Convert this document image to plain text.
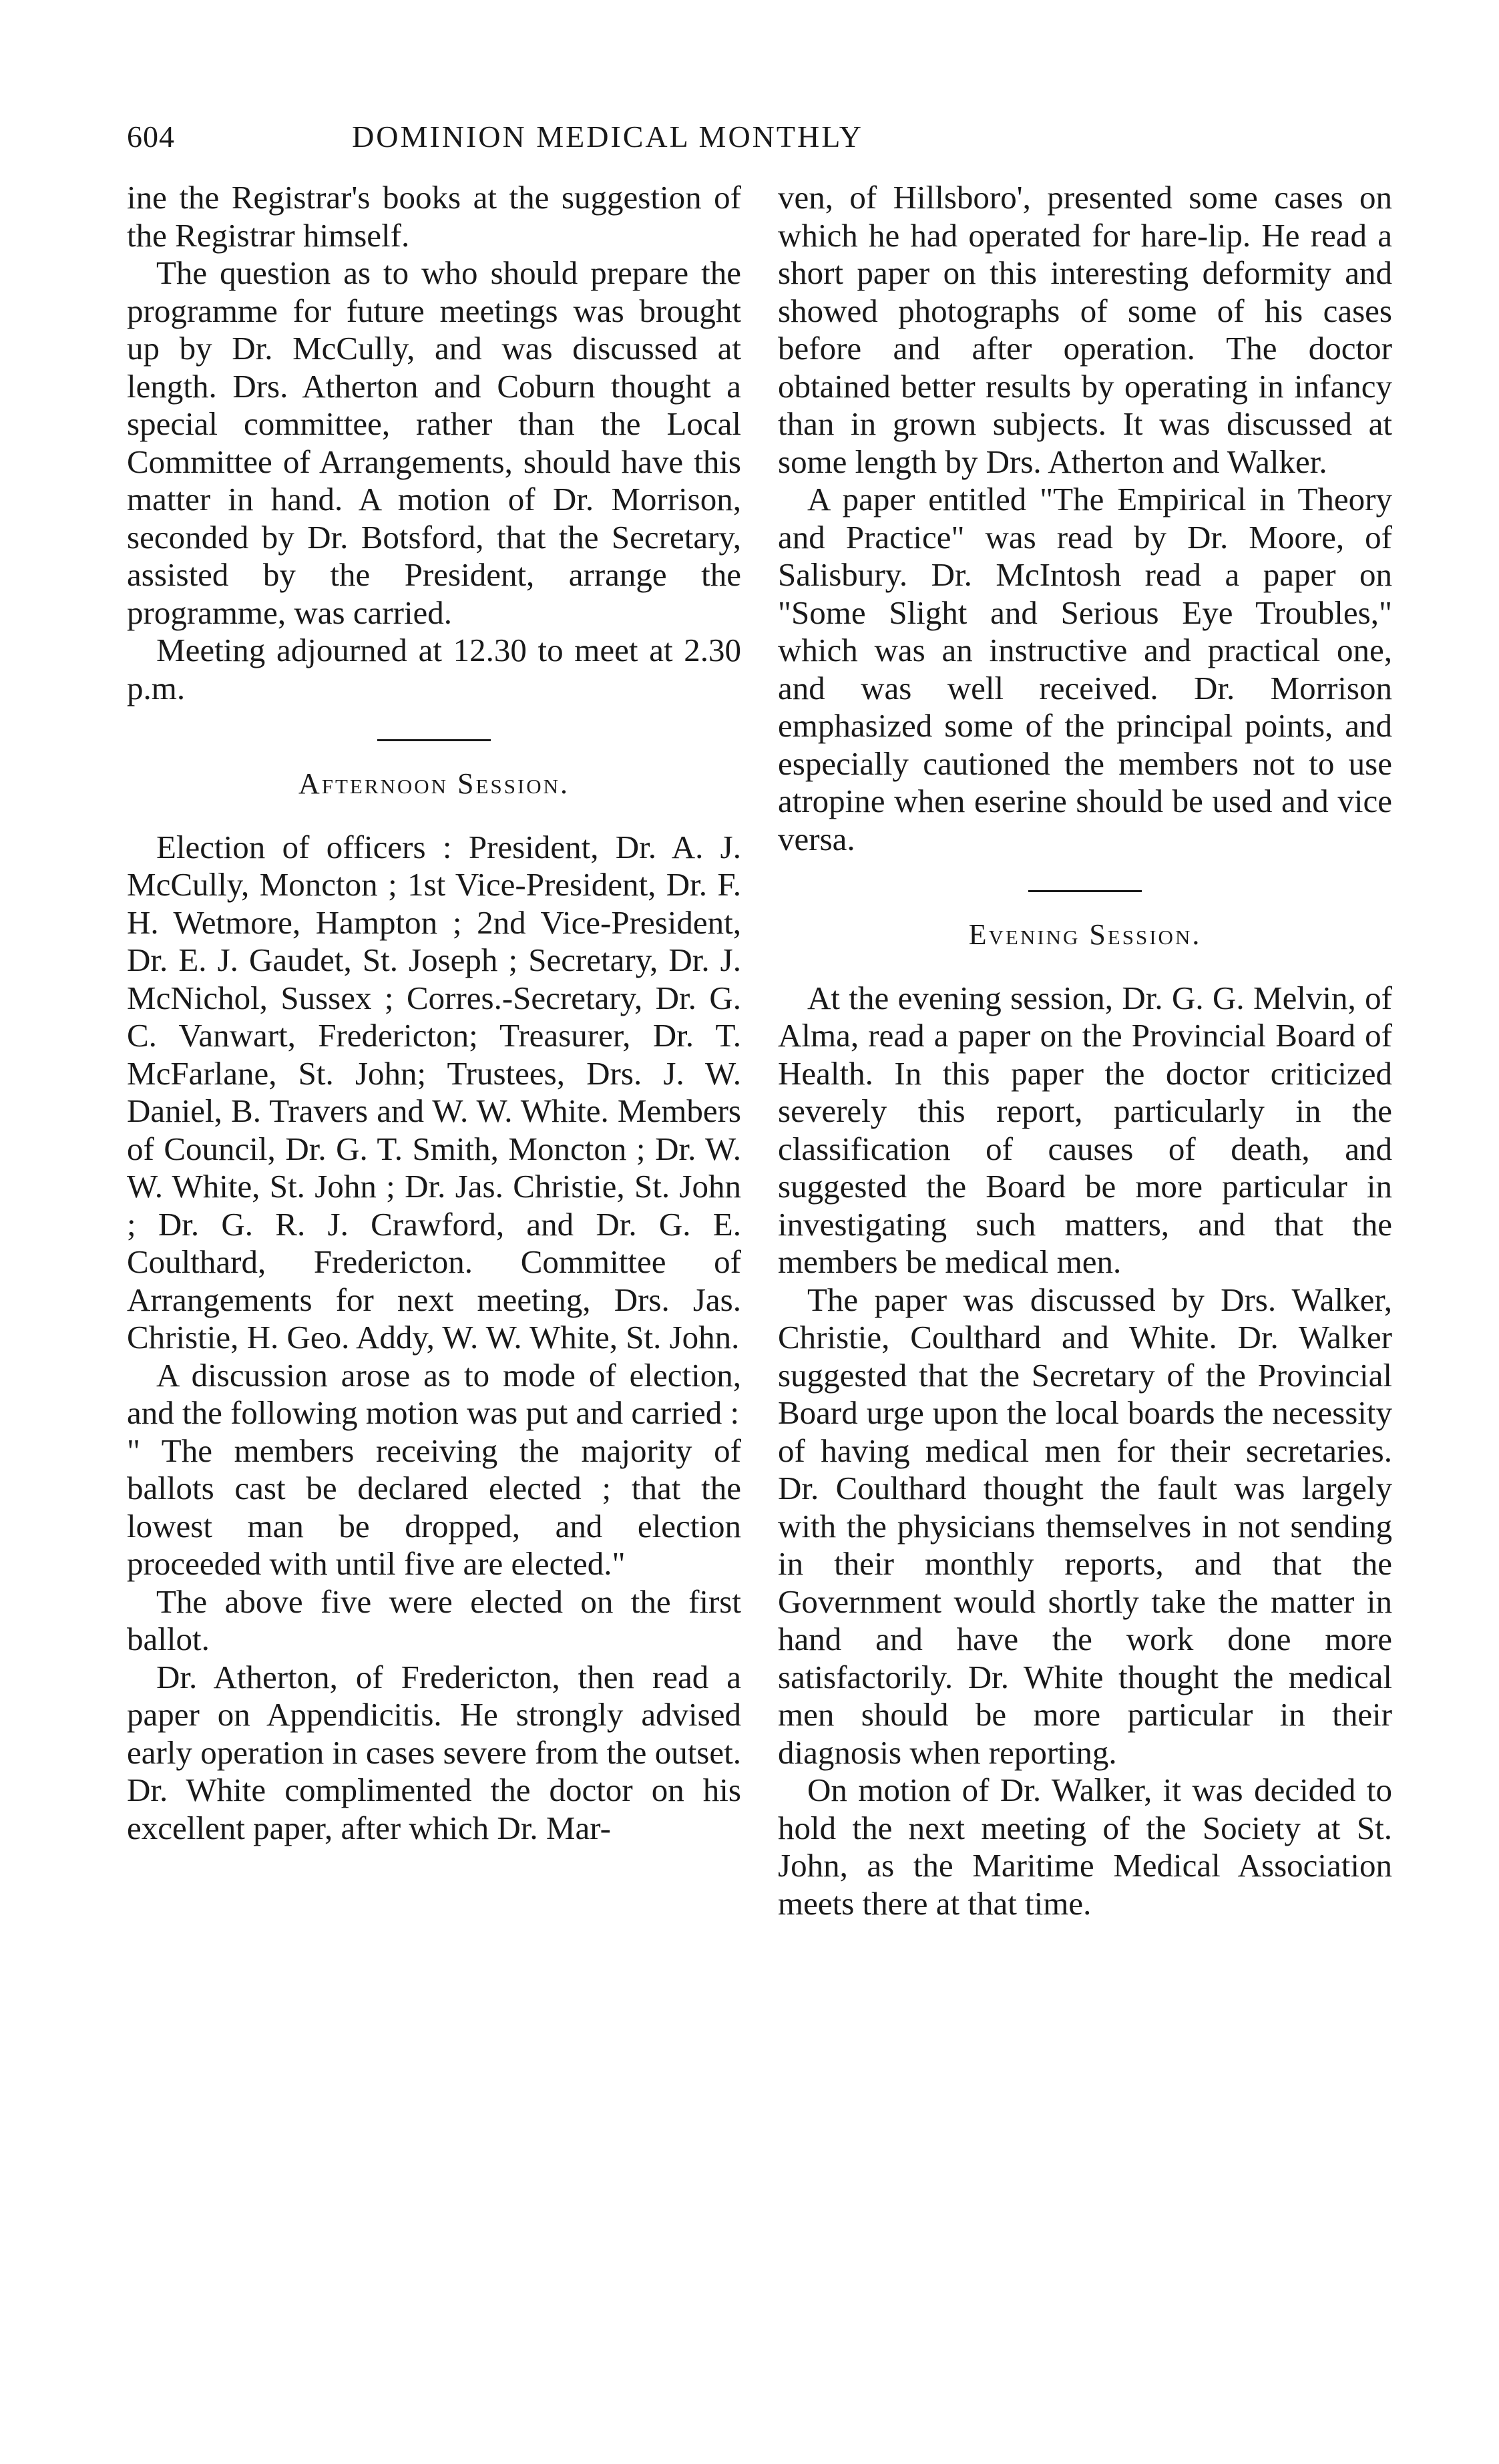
604	DOMINION MEDICAL MONTHLY

ine the Registrar's books at the suggestion of the Registrar himself.

The question as to who should prepare the programme for future meetings was brought up by Dr. McCully, and was discussed at length. Drs. Atherton and Coburn thought a special committee, rather than the Local Committee of Arrangements, should have this matter in hand. A motion of Dr. Morrison, seconded by Dr. Botsford, that the Secretary, assisted by the President, arrange the programme, was carried.

Meeting adjourned at 12.30 to meet at 2.30 p.m.

Afternoon Session.

Election of officers : President, Dr. A. J. McCully, Moncton ; 1st Vice-President, Dr. F. H. Wetmore, Hampton ; 2nd Vice-President, Dr. E. J. Gaudet, St. Joseph ; Secretary, Dr. J. McNichol, Sussex ; Corres.-Secretary, Dr. G. C. Vanwart, Fredericton; Treasurer, Dr. T. McFarlane, St. John; Trustees, Drs. J. W. Daniel, B. Travers and W. W. White. Members of Council, Dr. G. T. Smith, Moncton ; Dr. W. W. White, St. John ; Dr. Jas. Christie, St. John ; Dr. G. R. J. Crawford, and Dr. G. E. Coulthard, Fredericton. Committee of Arrangements for next meeting, Drs. Jas. Christie, H. Geo. Addy, W. W. White, St. John.

A discussion arose as to mode of election, and the following motion was put and carried :

" The members receiving the majority of ballots cast be declared elected ; that the lowest man be dropped, and election proceeded with until five are elected."

The above five were elected on the first ballot.

Dr. Atherton, of Fredericton, then read a paper on Appendicitis. He strongly advised early operation in cases severe from the outset. Dr. White complimented the doctor on his excellent paper, after which Dr. Mar-

ven, of Hillsboro', presented some cases on which he had operated for hare-lip. He read a short paper on this interesting deformity and showed photographs of some of his cases before and after operation. The doctor obtained better results by operating in infancy than in grown subjects. It was discussed at some length by Drs. Atherton and Walker.

A paper entitled "The Empirical in Theory and Practice" was read by Dr. Moore, of Salisbury. Dr. McIntosh read a paper on "Some Slight and Serious Eye Troubles," which was an instructive and practical one, and was well received. Dr. Morrison emphasized some of the principal points, and especially cautioned the members not to use atropine when eserine should be used and vice versa.

Evening Session.

At the evening session, Dr. G. G. Melvin, of Alma, read a paper on the Provincial Board of Health. In this paper the doctor criticized severely this report, particularly in the classification of causes of death, and suggested the Board be more particular in investigating such matters, and that the members be medical men.

The paper was discussed by Drs. Walker, Christie, Coulthard and White. Dr. Walker suggested that the Secretary of the Provincial Board urge upon the local boards the necessity of having medical men for their secretaries. Dr. Coulthard thought the fault was largely with the physicians themselves in not sending in their monthly reports, and that the Government would shortly take the matter in hand and have the work done more satisfactorily. Dr. White thought the medical men should be more particular in their diagnosis when reporting.

On motion of Dr. Walker, it was decided to hold the next meeting of the Society at St. John, as the Maritime Medical Association meets there at that time.
